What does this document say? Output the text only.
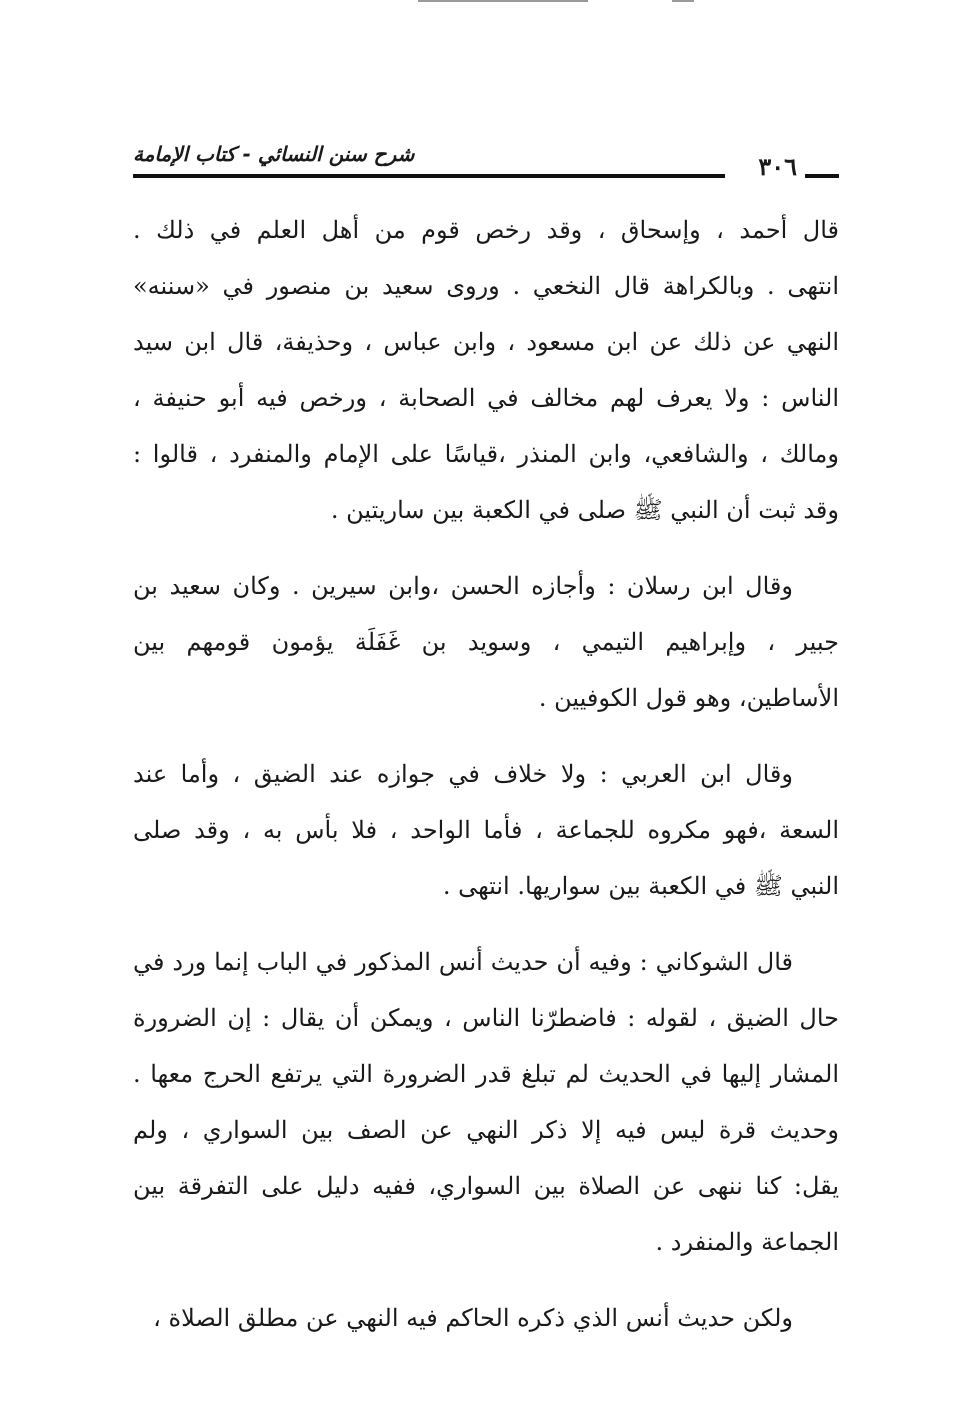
شرح سنن النسائي - كتاب الإمامة	٣٠٦
قال أحمد ، وإسحاق ، وقد رخص قوم من أهل العلم في ذلك .
انتهى . وبالكراهة قال النخعي . وروى سعيد بن منصور في «سننه»
النهي عن ذلك عن ابن مسعود ، وابن عباس ، وحذيفة، قال ابن سيد
الناس : ولا يعرف لهم مخالف في الصحابة ، ورخص فيه أبو حنيفة ،
ومالك ، والشافعي، وابن المنذر ،قياسًا على الإمام والمنفرد ، قالوا :
وقد ثبت أن النبي ﷺ صلى في الكعبة بين ساريتين .
وقال ابن رسلان : وأجازه الحسن ،وابن سيرين . وكان سعيد بن
جبير ، وإبراهيم التيمي ، وسويد بن غَفَلَة يؤمون قومهم بين
الأساطين، وهو قول الكوفيين .
وقال ابن العربي : ولا خلاف في جوازه عند الضيق ، وأما عند
السعة ،فهو مكروه للجماعة ، فأما الواحد ، فلا بأس به ، وقد صلى
النبي ﷺ في الكعبة بين سواريها. انتهى .
قال الشوكاني : وفيه أن حديث أنس المذكور في الباب إنما ورد في
حال الضيق ، لقوله : فاضطرّنا الناس ، ويمكن أن يقال : إن الضرورة
المشار إليها في الحديث لم تبلغ قدر الضرورة التي يرتفع الحرج معها .
وحديث قرة ليس فيه إلا ذكر النهي عن الصف بين السواري ، ولم
يقل: كنا ننهى عن الصلاة بين السواري، ففيه دليل على التفرقة بين
الجماعة والمنفرد .
ولكن حديث أنس الذي ذكره الحاكم فيه النهي عن مطلق الصلاة ،
